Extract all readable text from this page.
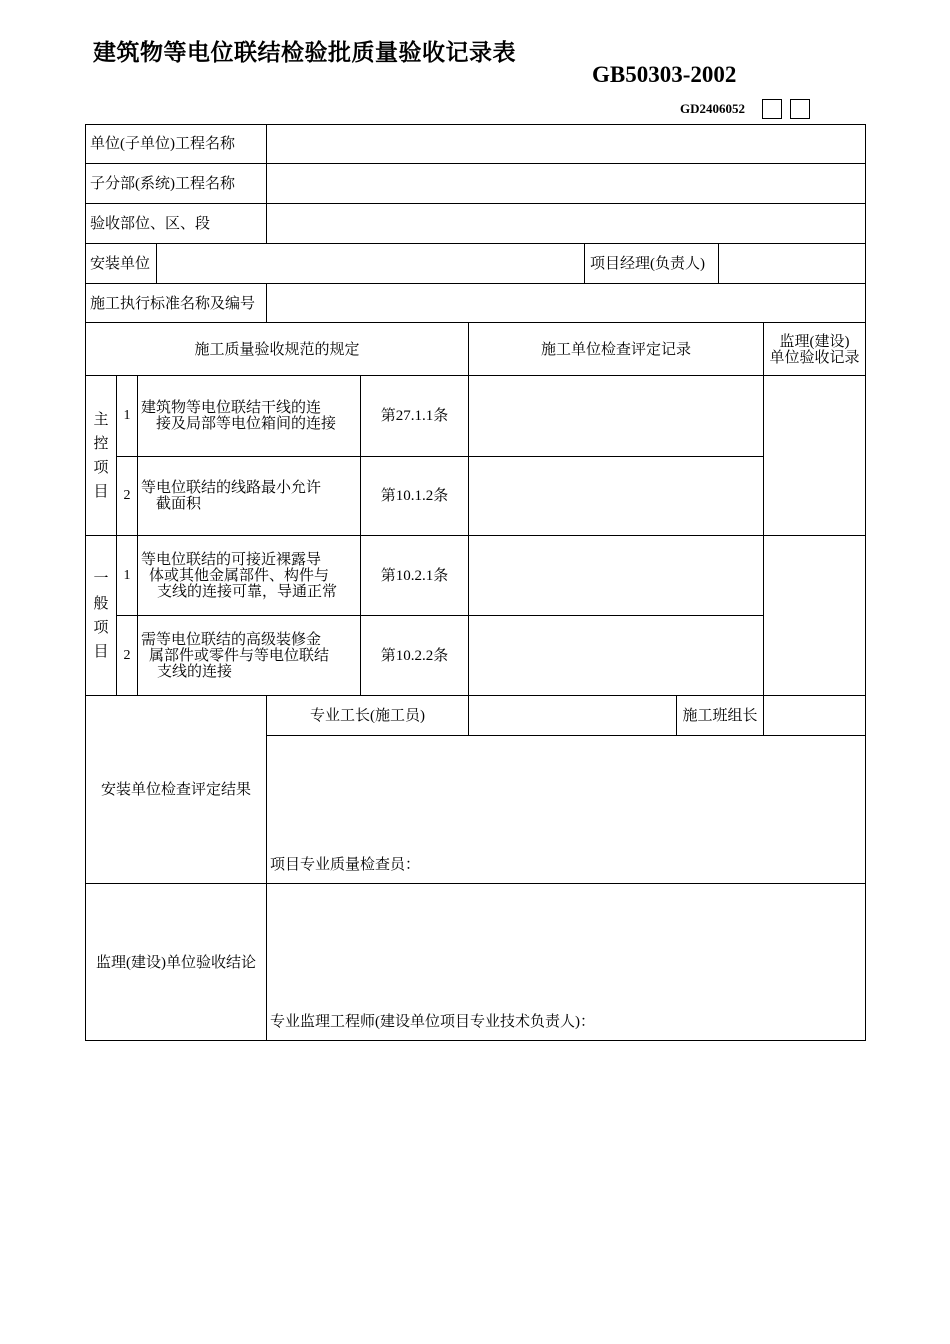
建筑物等电位联结检验批质量验收记录表
GB50303-2002
GD2406052
单位(子单位)工程名称
子分部(系统)工程名称
验收部位、区、段
安装单位	项目经理(负责人)
施工执行标准名称及编号
施工质量验收规范的规定	施工单位检查评定记录	监理(建设)
单位验收记录
主
控
项
目
1 建筑物等电位联结干线的连
接及局部等电位箱间的连接	第27.1.1条
2 等电位联结的线路最小允许
截面积	第10.1.2条
一
般
项
目
1
等电位联结的可接近裸露导
体或其他金属部件、构件与
支线的连接可靠，导通正常
第10.2.1条
2
需等电位联结的高级装修金
属部件或零件与等电位联结
支线的连接
第10.2.2条
专业工长(施工员)	施工班组长
安装单位检查评定结果
项目专业质量检查员：
监理(建设)单位验收结论
专业监理工程师(建设单位项目专业技术负责人)：
